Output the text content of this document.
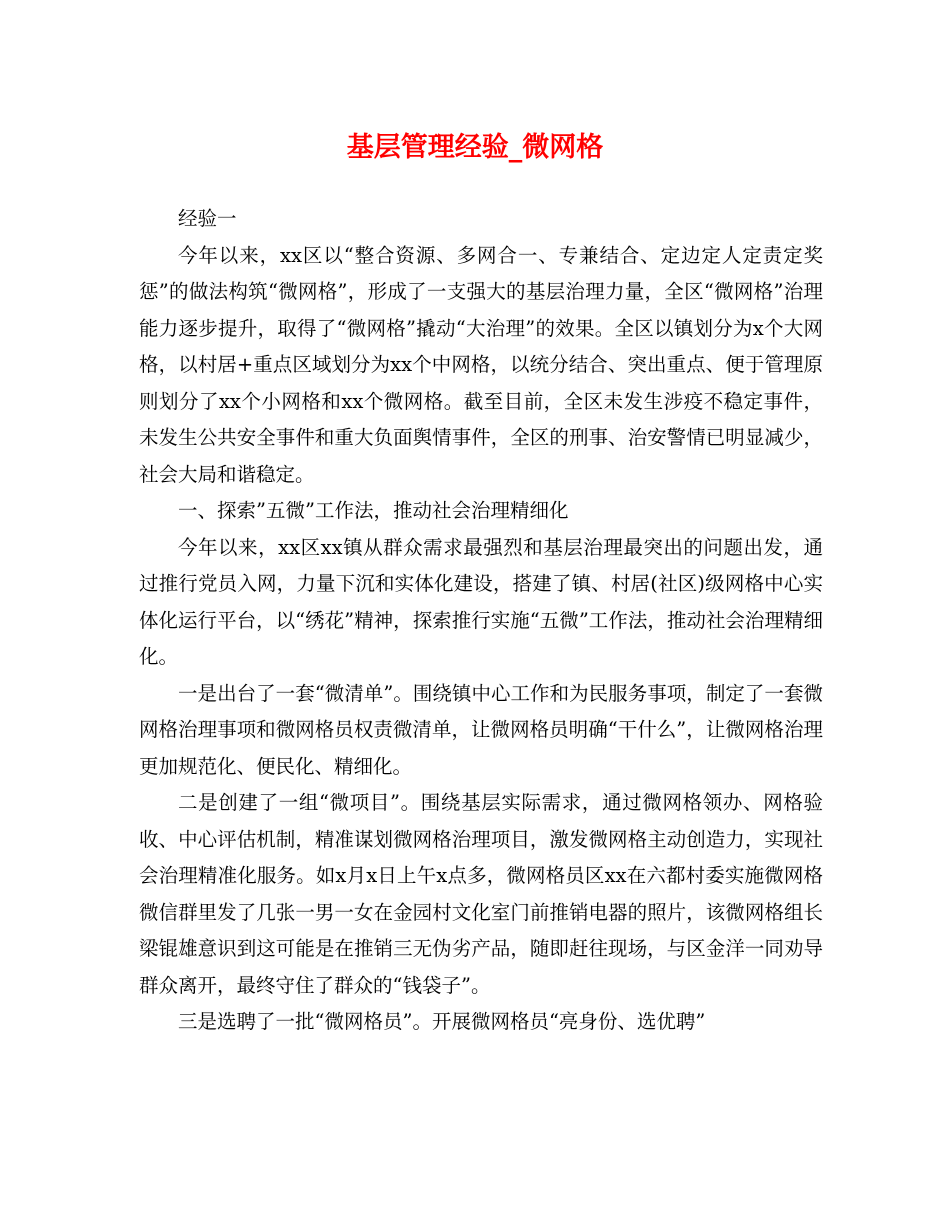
基层管理经验_微网格

经验一

今年以来，xx区以“整合资源、多网合一、专兼结合、定边定人定责定奖惩”的做法构筑“微网格”，形成了一支强大的基层治理力量，全区“微网格”治理能力逐步提升，取得了“微网格”撬动“大治理”的效果。全区以镇划分为x个大网格，以村居+重点区域划分为xx个中网格，以统分结合、突出重点、便于管理原则划分了xx个小网格和xx个微网格。截至目前，全区未发生涉疫不稳定事件，未发生公共安全事件和重大负面舆情事件，全区的刑事、治安警情已明显减少，社会大局和谐稳定。

一、探索”五微”工作法，推动社会治理精细化

今年以来，xx区xx镇从群众需求最强烈和基层治理最突出的问题出发，通过推行党员入网，力量下沉和实体化建设，搭建了镇、村居(社区)级网格中心实体化运行平台，以“绣花”精神，探索推行实施“五微”工作法，推动社会治理精细化。

一是出台了一套“微清单”。围绕镇中心工作和为民服务事项，制定了一套微网格治理事项和微网格员权责微清单，让微网格员明确“干什么”，让微网格治理更加规范化、便民化、精细化。

二是创建了一组“微项目”。围绕基层实际需求，通过微网格领办、网格验收、中心评估机制，精准谋划微网格治理项目，激发微网格主动创造力，实现社会治理精准化服务。如x月x日上午x点多，微网格员区xx在六都村委实施微网格微信群里发了几张一男一女在金园村文化室门前推销电器的照片，该微网格组长梁锟雄意识到这可能是在推销三无伪劣产品，随即赶往现场，与区金洋一同劝导群众离开，最终守住了群众的“钱袋子”。

三是选聘了一批“微网格员”。开展微网格员“亮身份、选优聘”
